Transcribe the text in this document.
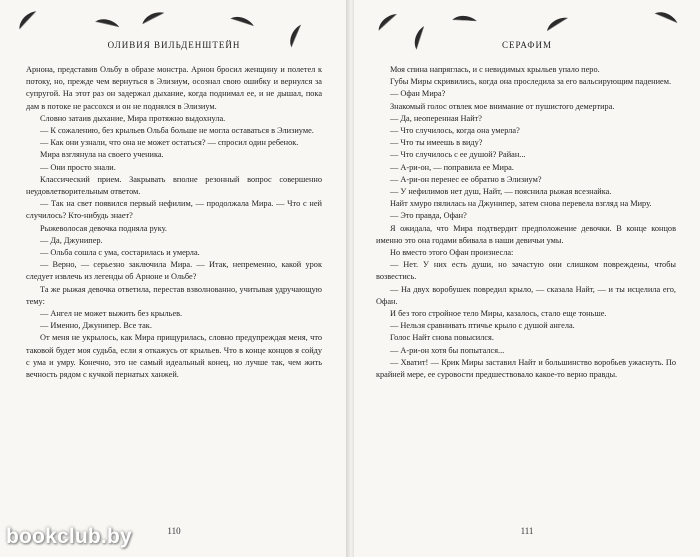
ОЛИВИЯ ВИЛЬДЕНШТЕЙН

Арнона, представив Ольбу в образе монстра. Арнон бросил женщину и полетел к потоку, но, прежде чем вернуться в Элизиум, осознал свою ошибку и вернулся за супругой. На этот раз он задержал дыхание, когда поднимал ее, и не дышал, пока дам в потоке не рассохся и он не поднялся в Элизиум.

Словно затаив дыхание, Мира протяжно выдохнула.

— К сожалению, без крыльев Ольба больше не могла оставаться в Элизиуме.

— Как они узнали, что она не может остаться? — спросил один ребенок.

Мира взглянула на своего ученика.

— Они просто знали.

Классический прием. Закрывать вполне резонный вопрос совершенно неудовлетворительным ответом.

— Так на свет появился первый нефилим, — продолжала Мира. — Что с ней случилось? Кто-нибудь знает?

Рыжеволосая девочка подняла руку.

— Да, Джунипер.

— Ольба сошла с ума, состарилась и умерла.

— Верно, — серьезно заключила Мира. — Итак, непременно, какой урок следует извлечь из легенды об Арноне и Ольбе?

Та же рыжая девочка ответила, перестав взволнованно, учитывая удручающую тему:

— Ангел не может выжить без крыльев.

— Именно, Джунипер. Все так.

От меня не укрылось, как Мира прищурилась, словно предупреждая меня, что таковой будет моя судьба, если я откажусь от крыльев. Что в конце концов я сойду с ума и умру. Конечно, это не самый идеальный конец, но лучше так, чем жить вечность рядом с кучкой пернатых ханжей.

110
СЕРАФИМ

Моя спина напряглась, и с невидимых крыльев упало перо.

Губы Миры скривились, когда она проследила за его вальсирующим падением.

— Офан Мира?

Знакомый голос отвлек мое внимание от пушистого демертира.

— Да, неоперенная Найт?

— Что случилось, когда она умерла?

— Что ты имеешь в виду?

— Что случилось с ее душой? Райан...

— А-ри-он, — поправила ее Мира.

— А-ри-он перенес ее обратно в Элизиум?

— У нефилимов нет душ, Найт, — пояснила рыжая всезнайка.

Найт хмуро пялилась на Джунипер, затем снова перевела взгляд на Миру.

— Это правда, Офан?

Я ожидала, что Мира подтвердит предположение девочки. В конце концов именно это она годами вбивала в наши девичьи умы.

Но вместо этого Офан произнесла:

— Нет. У них есть души, но зачастую они слишком повреждены, чтобы возвестись.

— На двух воробушек повредил крыло, — сказала Найт, — и ты исцелила его, Офан.

И без того стройное тело Миры, казалось, стало еще тоньше.

— Нельзя сравнивать птичье крыло с душой ангела.

Голос Найт снова повысился.

— А-ри-он хотя бы попытался...

— Хватит! — Крик Миры заставил Найт и большинство воробьев ужаснуть. По крайней мере, ее суровости предшествовало какое-то верно правды.

111
bookclub.by
